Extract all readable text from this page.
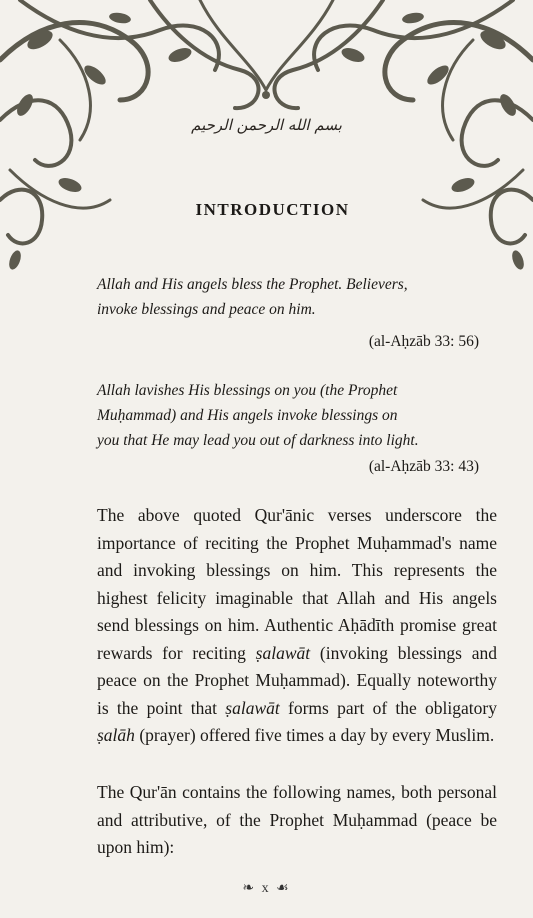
بسم الله الرحمن الرحيم
INTRODUCTION
Allah and His angels bless the Prophet. Believers,
invoke blessings and peace on him.
(al-Aḥzāb 33: 56)
Allah lavishes His blessings on you (the Prophet
Muḥammad) and His angels invoke blessings on
you that He may lead you out of darkness into light.
(al-Aḥzāb 33: 43)

The above quoted Qur'ānic verses underscore the importance of reciting the Prophet Muḥammad's name and invoking blessings on him. This represents the highest felicity imaginable that Allah and His angels send blessings on him. Authentic Aḥādīth promise great rewards for reciting ṣalawāt (invoking blessings and peace on the Prophet Muḥammad). Equally noteworthy is the point that ṣalawāt forms part of the obligatory ṣalāh (prayer) offered five times a day by every Muslim.

The Qur'ān contains the following names, both personal and attributive, of the Prophet Muḥammad (peace be upon him):

❧ x ☙
